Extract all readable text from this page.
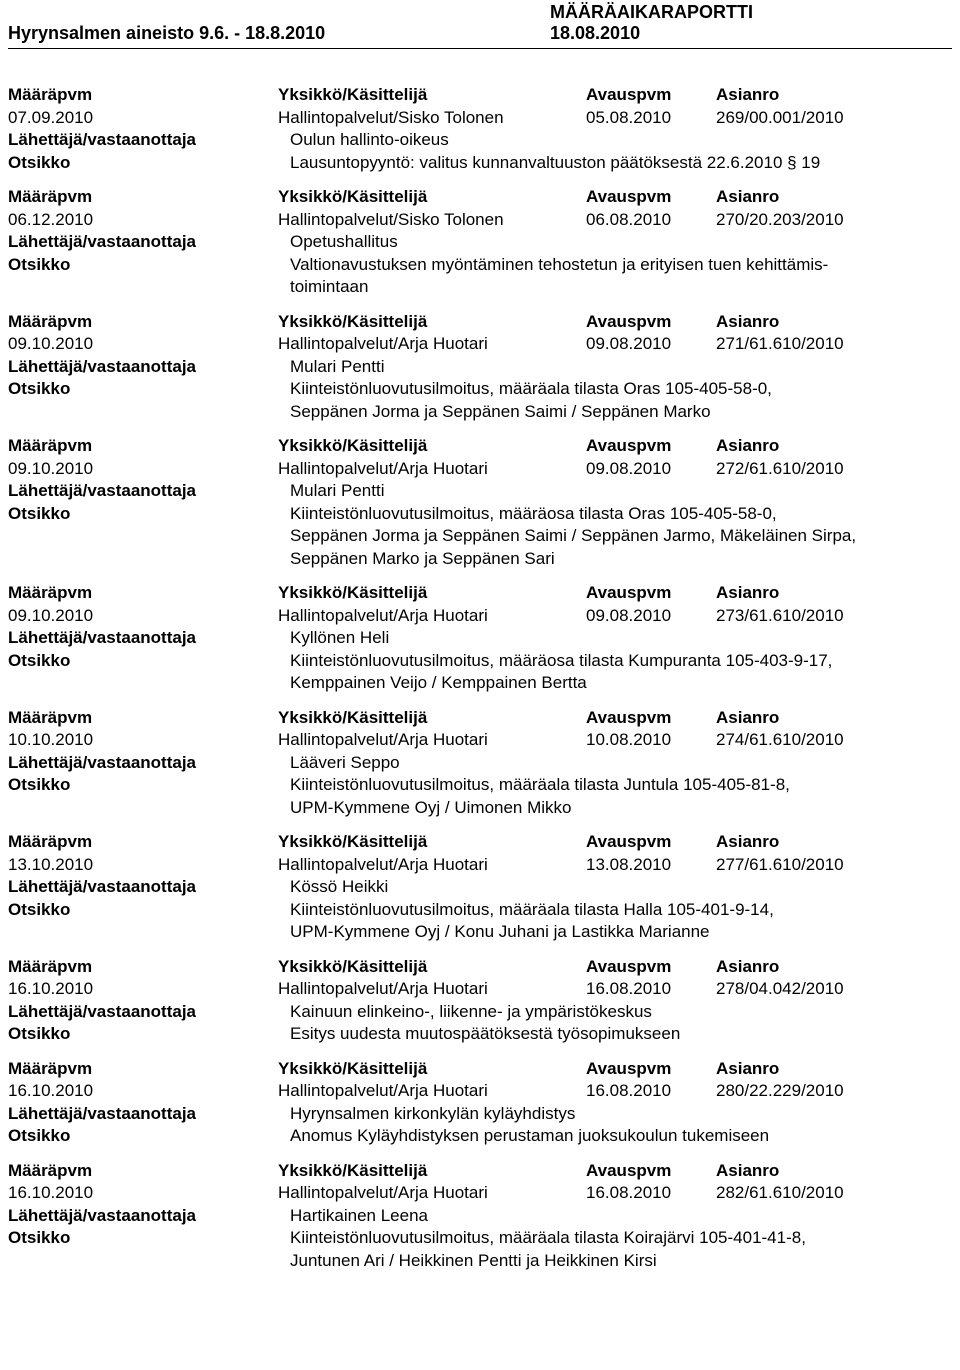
MÄÄRÄAIKARAPORTTI
Hyrynsalmen aineisto 9.6. - 18.8.2010	18.08.2010
Määräpvm	Yksikkö/Käsittelijä	Avauspvm	Asianro
07.09.2010	Hallintopalvelut/Sisko Tolonen	05.08.2010	269/00.001/2010
Lähettäjä/vastaanottaja	Oulun hallinto-oikeus
Otsikko	Lausuntopyyntö: valitus kunnanvaltuuston päätöksestä 22.6.2010 § 19
Määräpvm	Yksikkö/Käsittelijä	Avauspvm	Asianro
06.12.2010	Hallintopalvelut/Sisko Tolonen	06.08.2010	270/20.203/2010
Lähettäjä/vastaanottaja	Opetushallitus
Otsikko	Valtionavustuksen myöntäminen tehostetun ja erityisen tuen kehittämis-
toimintaan
Määräpvm	Yksikkö/Käsittelijä	Avauspvm	Asianro
09.10.2010	Hallintopalvelut/Arja Huotari	09.08.2010	271/61.610/2010
Lähettäjä/vastaanottaja	Mulari Pentti
Otsikko	Kiinteistönluovutusilmoitus, määräala tilasta Oras 105-405-58-0,
Seppänen Jorma ja Seppänen Saimi / Seppänen Marko
Määräpvm	Yksikkö/Käsittelijä	Avauspvm	Asianro
09.10.2010	Hallintopalvelut/Arja Huotari	09.08.2010	272/61.610/2010
Lähettäjä/vastaanottaja	Mulari Pentti
Otsikko	Kiinteistönluovutusilmoitus, määräosa tilasta Oras 105-405-58-0,
Seppänen Jorma ja Seppänen Saimi / Seppänen Jarmo, Mäkeläinen Sirpa,
Seppänen Marko ja Seppänen Sari
Määräpvm	Yksikkö/Käsittelijä	Avauspvm	Asianro
09.10.2010	Hallintopalvelut/Arja Huotari	09.08.2010	273/61.610/2010
Lähettäjä/vastaanottaja	Kyllönen Heli
Otsikko	Kiinteistönluovutusilmoitus, määräosa tilasta Kumpuranta 105-403-9-17,
Kemppainen Veijo / Kemppainen Bertta
Määräpvm	Yksikkö/Käsittelijä	Avauspvm	Asianro
10.10.2010	Hallintopalvelut/Arja Huotari	10.08.2010	274/61.610/2010
Lähettäjä/vastaanottaja	Lääveri Seppo
Otsikko	Kiinteistönluovutusilmoitus, määräala tilasta Juntula 105-405-81-8,
UPM-Kymmene Oyj / Uimonen Mikko
Määräpvm	Yksikkö/Käsittelijä	Avauspvm	Asianro
13.10.2010	Hallintopalvelut/Arja Huotari	13.08.2010	277/61.610/2010
Lähettäjä/vastaanottaja	Kössö Heikki
Otsikko	Kiinteistönluovutusilmoitus, määräala tilasta Halla 105-401-9-14,
UPM-Kymmene Oyj / Konu Juhani ja Lastikka Marianne
Määräpvm	Yksikkö/Käsittelijä	Avauspvm	Asianro
16.10.2010	Hallintopalvelut/Arja Huotari	16.08.2010	278/04.042/2010
Lähettäjä/vastaanottaja	Kainuun elinkeino-, liikenne- ja ympäristökeskus
Otsikko	Esitys uudesta muutospäätöksestä työsopimukseen
Määräpvm	Yksikkö/Käsittelijä	Avauspvm	Asianro
16.10.2010	Hallintopalvelut/Arja Huotari	16.08.2010	280/22.229/2010
Lähettäjä/vastaanottaja	Hyrynsalmen kirkonkylän kyläyhdistys
Otsikko	Anomus Kyläyhdistyksen perustaman juoksukoulun tukemiseen
Määräpvm	Yksikkö/Käsittelijä	Avauspvm	Asianro
16.10.2010	Hallintopalvelut/Arja Huotari	16.08.2010	282/61.610/2010
Lähettäjä/vastaanottaja	Hartikainen Leena
Otsikko	Kiinteistönluovutusilmoitus, määräala tilasta Koirajärvi 105-401-41-8,
Juntunen Ari / Heikkinen Pentti ja Heikkinen Kirsi
